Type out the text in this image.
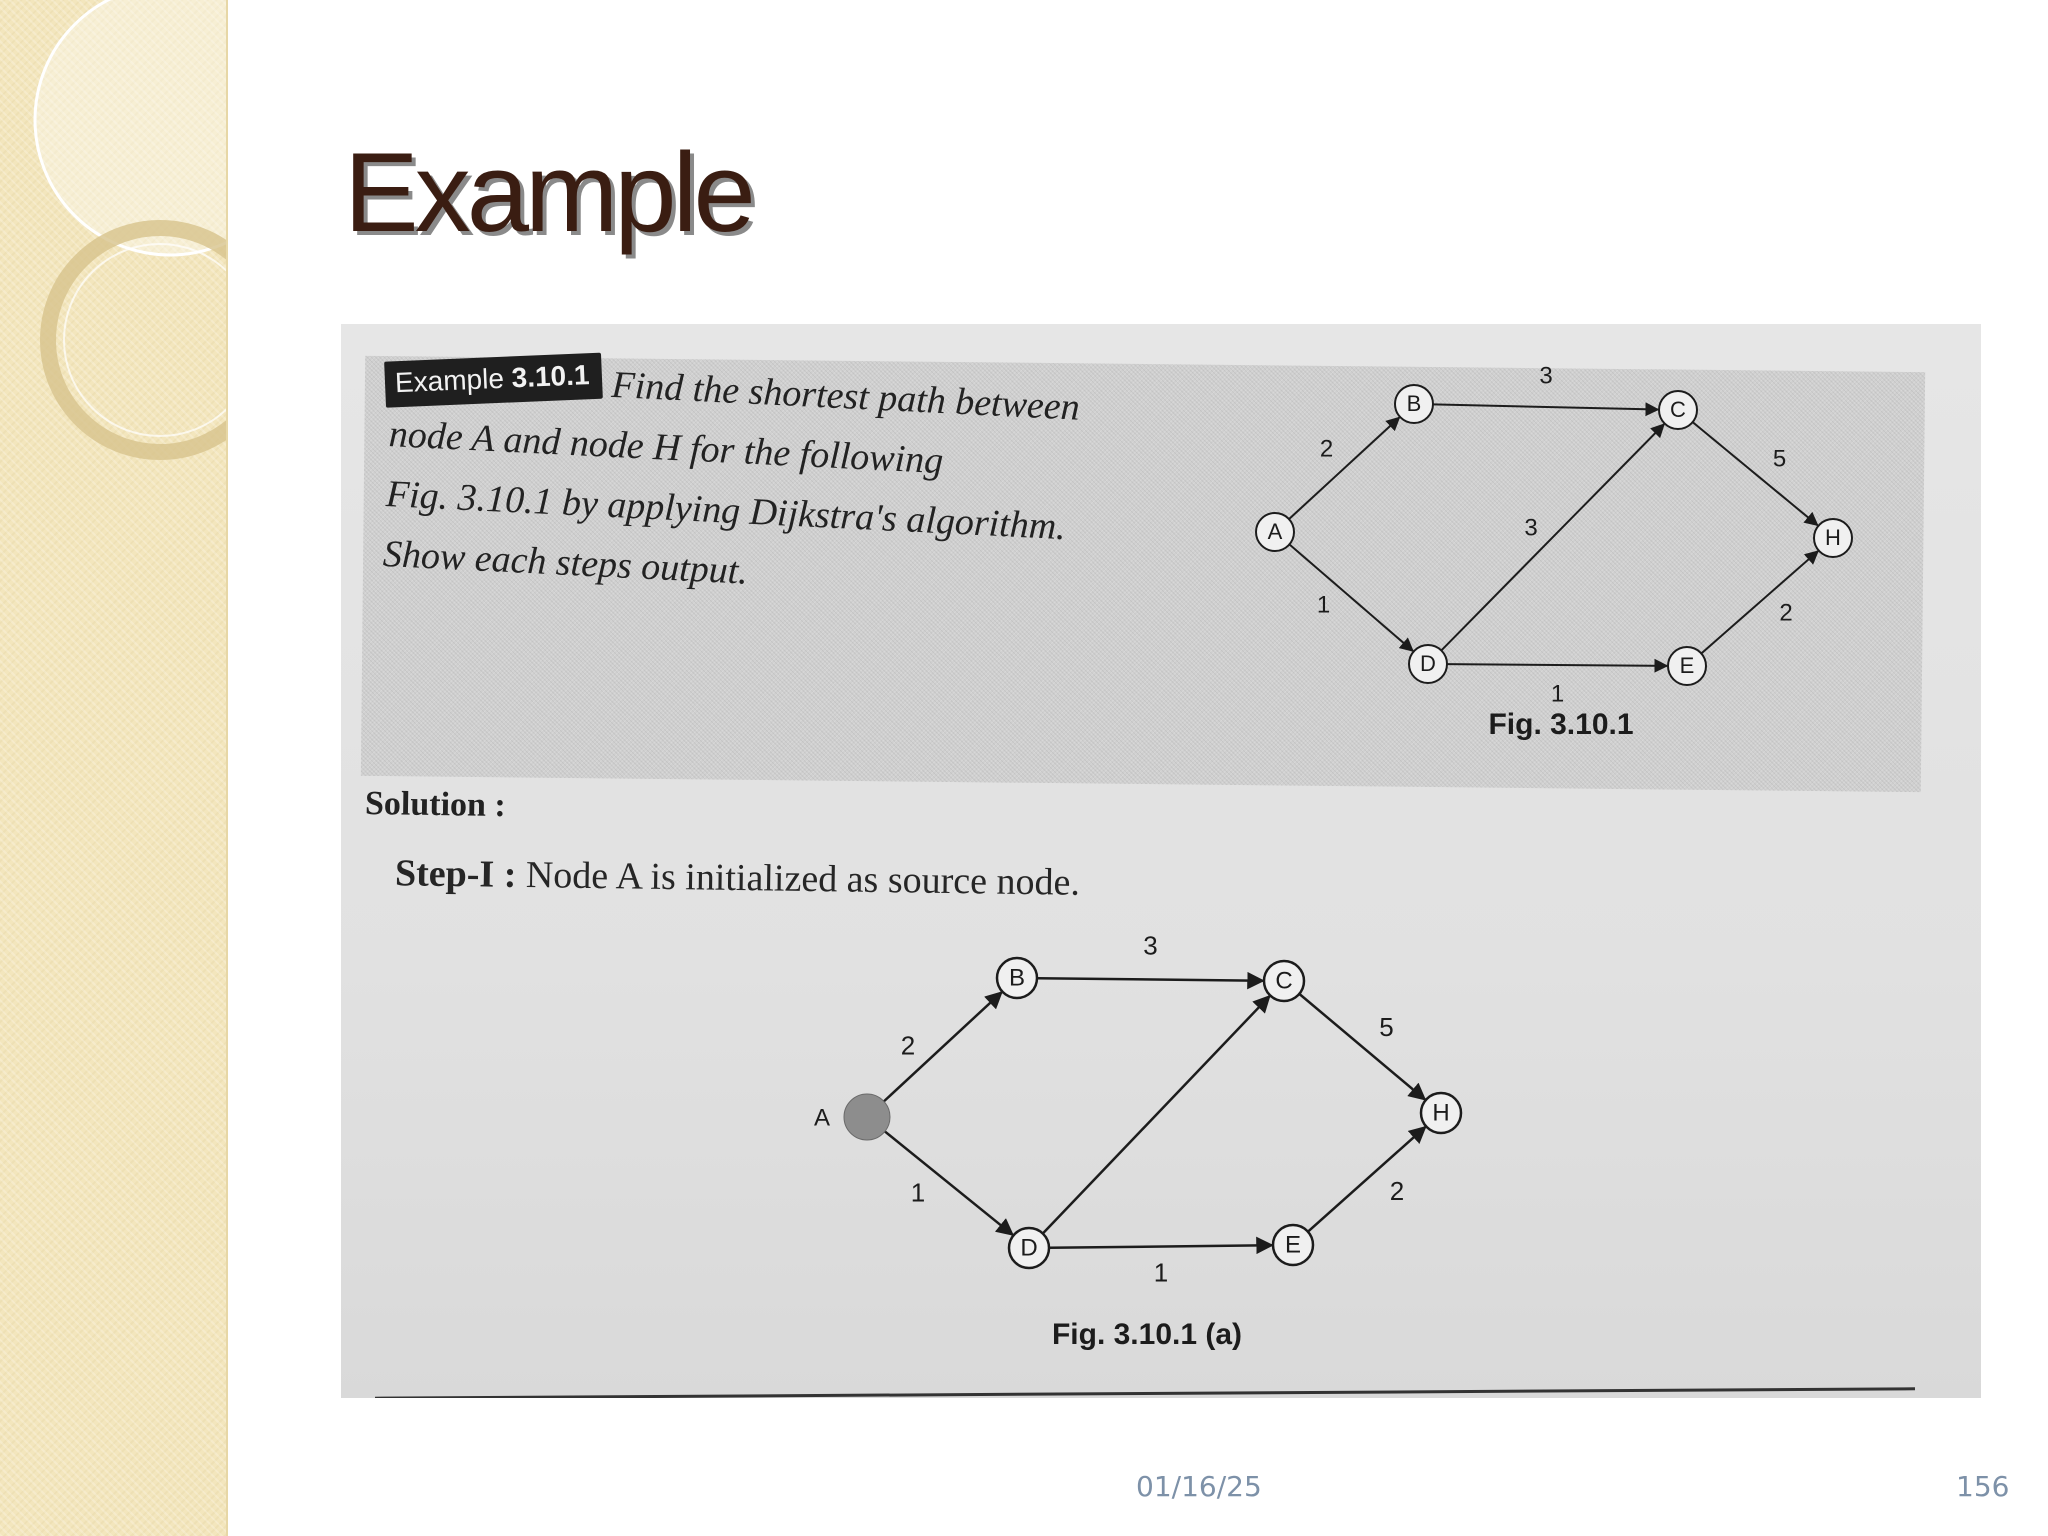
Example
Example 3.10.1 Find the shortest path between
node A and node H for the following
Fig. 3.10.1 by applying Dijkstra's algorithm.
Show each steps output.

Solution :

Step-I : Node A is initialized as source node.

2
1
3
3
1
5
2
A
B	C
D	E
H
Fig. 3.10.1
2
1
3
1
5
2
A
B	C
D	E
H
Fig. 3.10.1 (a)

01/16/25	156
